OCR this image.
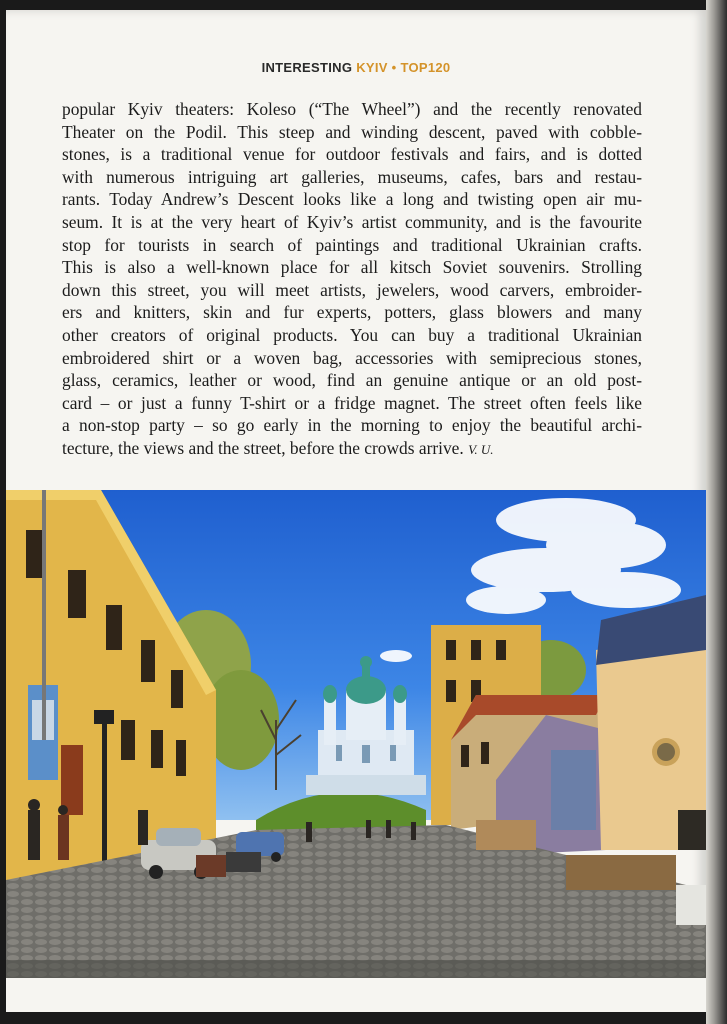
INTERESTING KYIV • TOP120
popular Kyiv theaters: Koleso (“The Wheel”) and the recently renovated
Theater on the Podil. This steep and winding descent, paved with cobble-
stones, is a traditional venue for outdoor festivals and fairs, and is dotted
with numerous intriguing art galleries, museums, cafes, bars and restau-
rants. Today Andrew’s Descent looks like a long and twisting open air mu-
seum. It is at the very heart of Kyiv’s artist community, and is the favourite
stop for tourists in search of paintings and traditional Ukrainian crafts.
This is also a well-known place for all kitsch Soviet souvenirs. Strolling
down this street, you will meet artists, jewelers, wood carvers, embroider-
ers and knitters, skin and fur experts, potters, glass blowers and many
other creators of original products. You can buy a traditional Ukrainian
embroidered shirt or a woven bag, accessories with semiprecious stones,
glass, ceramics, leather or wood, find an genuine antique or an old post-
card – or just a funny T-shirt or a fridge magnet. The street often feels like
a non-stop party – so go early in the morning to enjoy the beautiful archi-
tecture, the views and the street, before the crowds arrive. V. U.
